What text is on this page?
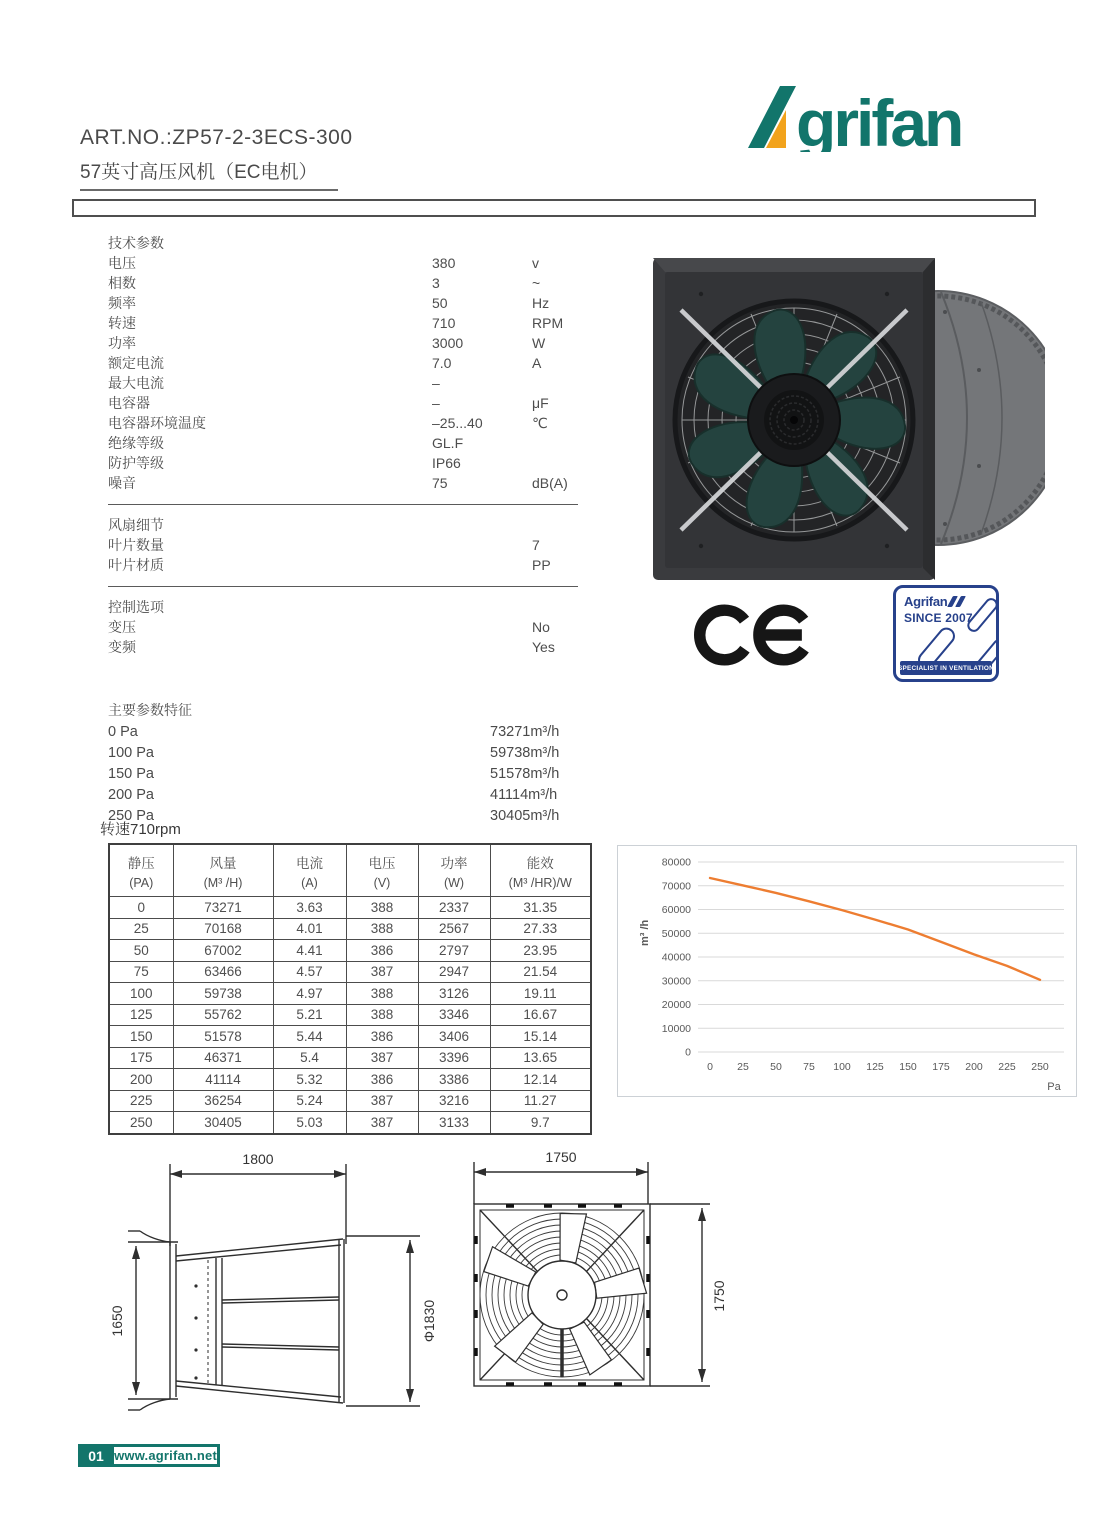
grifan
ART.NO.:ZP57-2-3ECS-300
57英寸高压风机（EC电机）
技术参数
电压	380	v
相数	3	~
频率	50	Hz
转速	710	RPM
功率	3000	W
额定电流	7.0	A
最大电流	–
电容器	–	μF
电容器环境温度	–25...40	℃
绝缘等级	GL.F
防护等级	IP66
噪音	75	dB(A)
风扇细节
叶片数量	7
叶片材质	PP
控制选项
变压	No
变频	Yes
Agrifan
SINCE 2007
SPECIALIST IN VENTILATION
主要参数特征
0 Pa	73271m³/h
100 Pa	59738m³/h
150 Pa	51578m³/h
200 Pa	41114m³/h
250 Pa	30405m³/h
转速710rpm
静压
(PA)

风量
(M³ /H)

电流
(A)

电压
(V)

功率
(W)

能效
(M³ /HR)/W

0	73271	3.63	388	2337	31.35
25	70168	4.01	388	2567	27.33
50	67002	4.41	386	2797	23.95
75	63466	4.57	387	2947	21.54
100	59738	4.97	388	3126	19.11
125	55762	5.21	388	3346	16.67
150	51578	5.44	386	3406	15.14
175	46371	5.4	387	3396	13.65
200	41114	5.32	386	3386	12.14
225	36254	5.24	387	3216	11.27
250	30405	5.03	387	3133	9.7
0
10000
20000
30000
40000
50000
60000
70000
80000
0 25 50 75 100 125 150 175 200 225 250
Pa
m³ /h
1800
1650	Φ1830
1750
1750
01 www.agrifan.net
